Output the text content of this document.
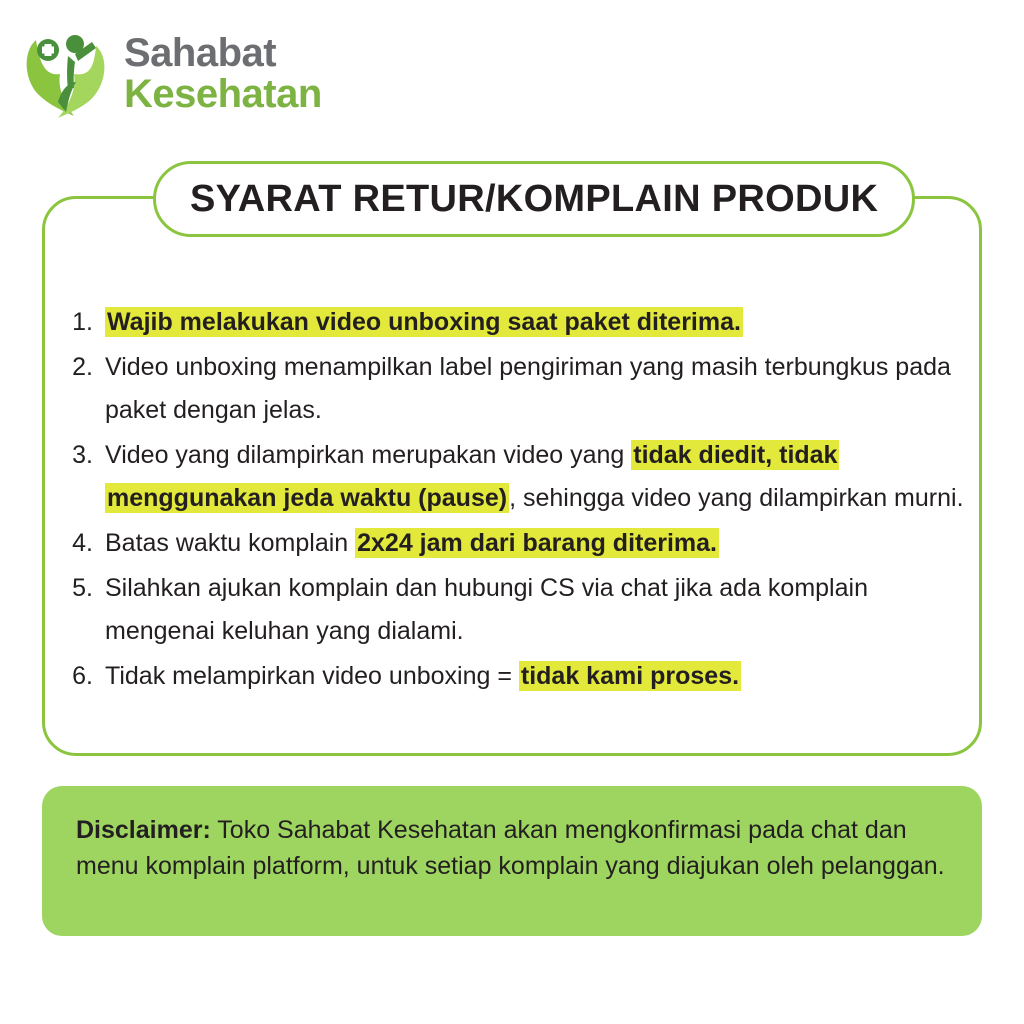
Sahabat
Kesehatan
SYARAT RETUR/KOMPLAIN PRODUK
1. Wajib melakukan video unboxing saat paket diterima.
2. Video unboxing menampilkan label pengiriman yang masih terbungkus pada paket dengan jelas.
3. Video yang dilampirkan merupakan video yang tidak diedit, tidak menggunakan jeda waktu (pause), sehingga video yang dilampirkan murni.
4. Batas waktu komplain 2x24 jam dari barang diterima.
5. Silahkan ajukan komplain dan hubungi CS via chat jika ada komplain mengenai keluhan yang dialami.
6. Tidak melampirkan video unboxing = tidak kami proses.

Disclaimer: Toko Sahabat Kesehatan akan mengkonfirmasi pada chat dan menu komplain platform, untuk setiap komplain yang diajukan oleh pelanggan.
